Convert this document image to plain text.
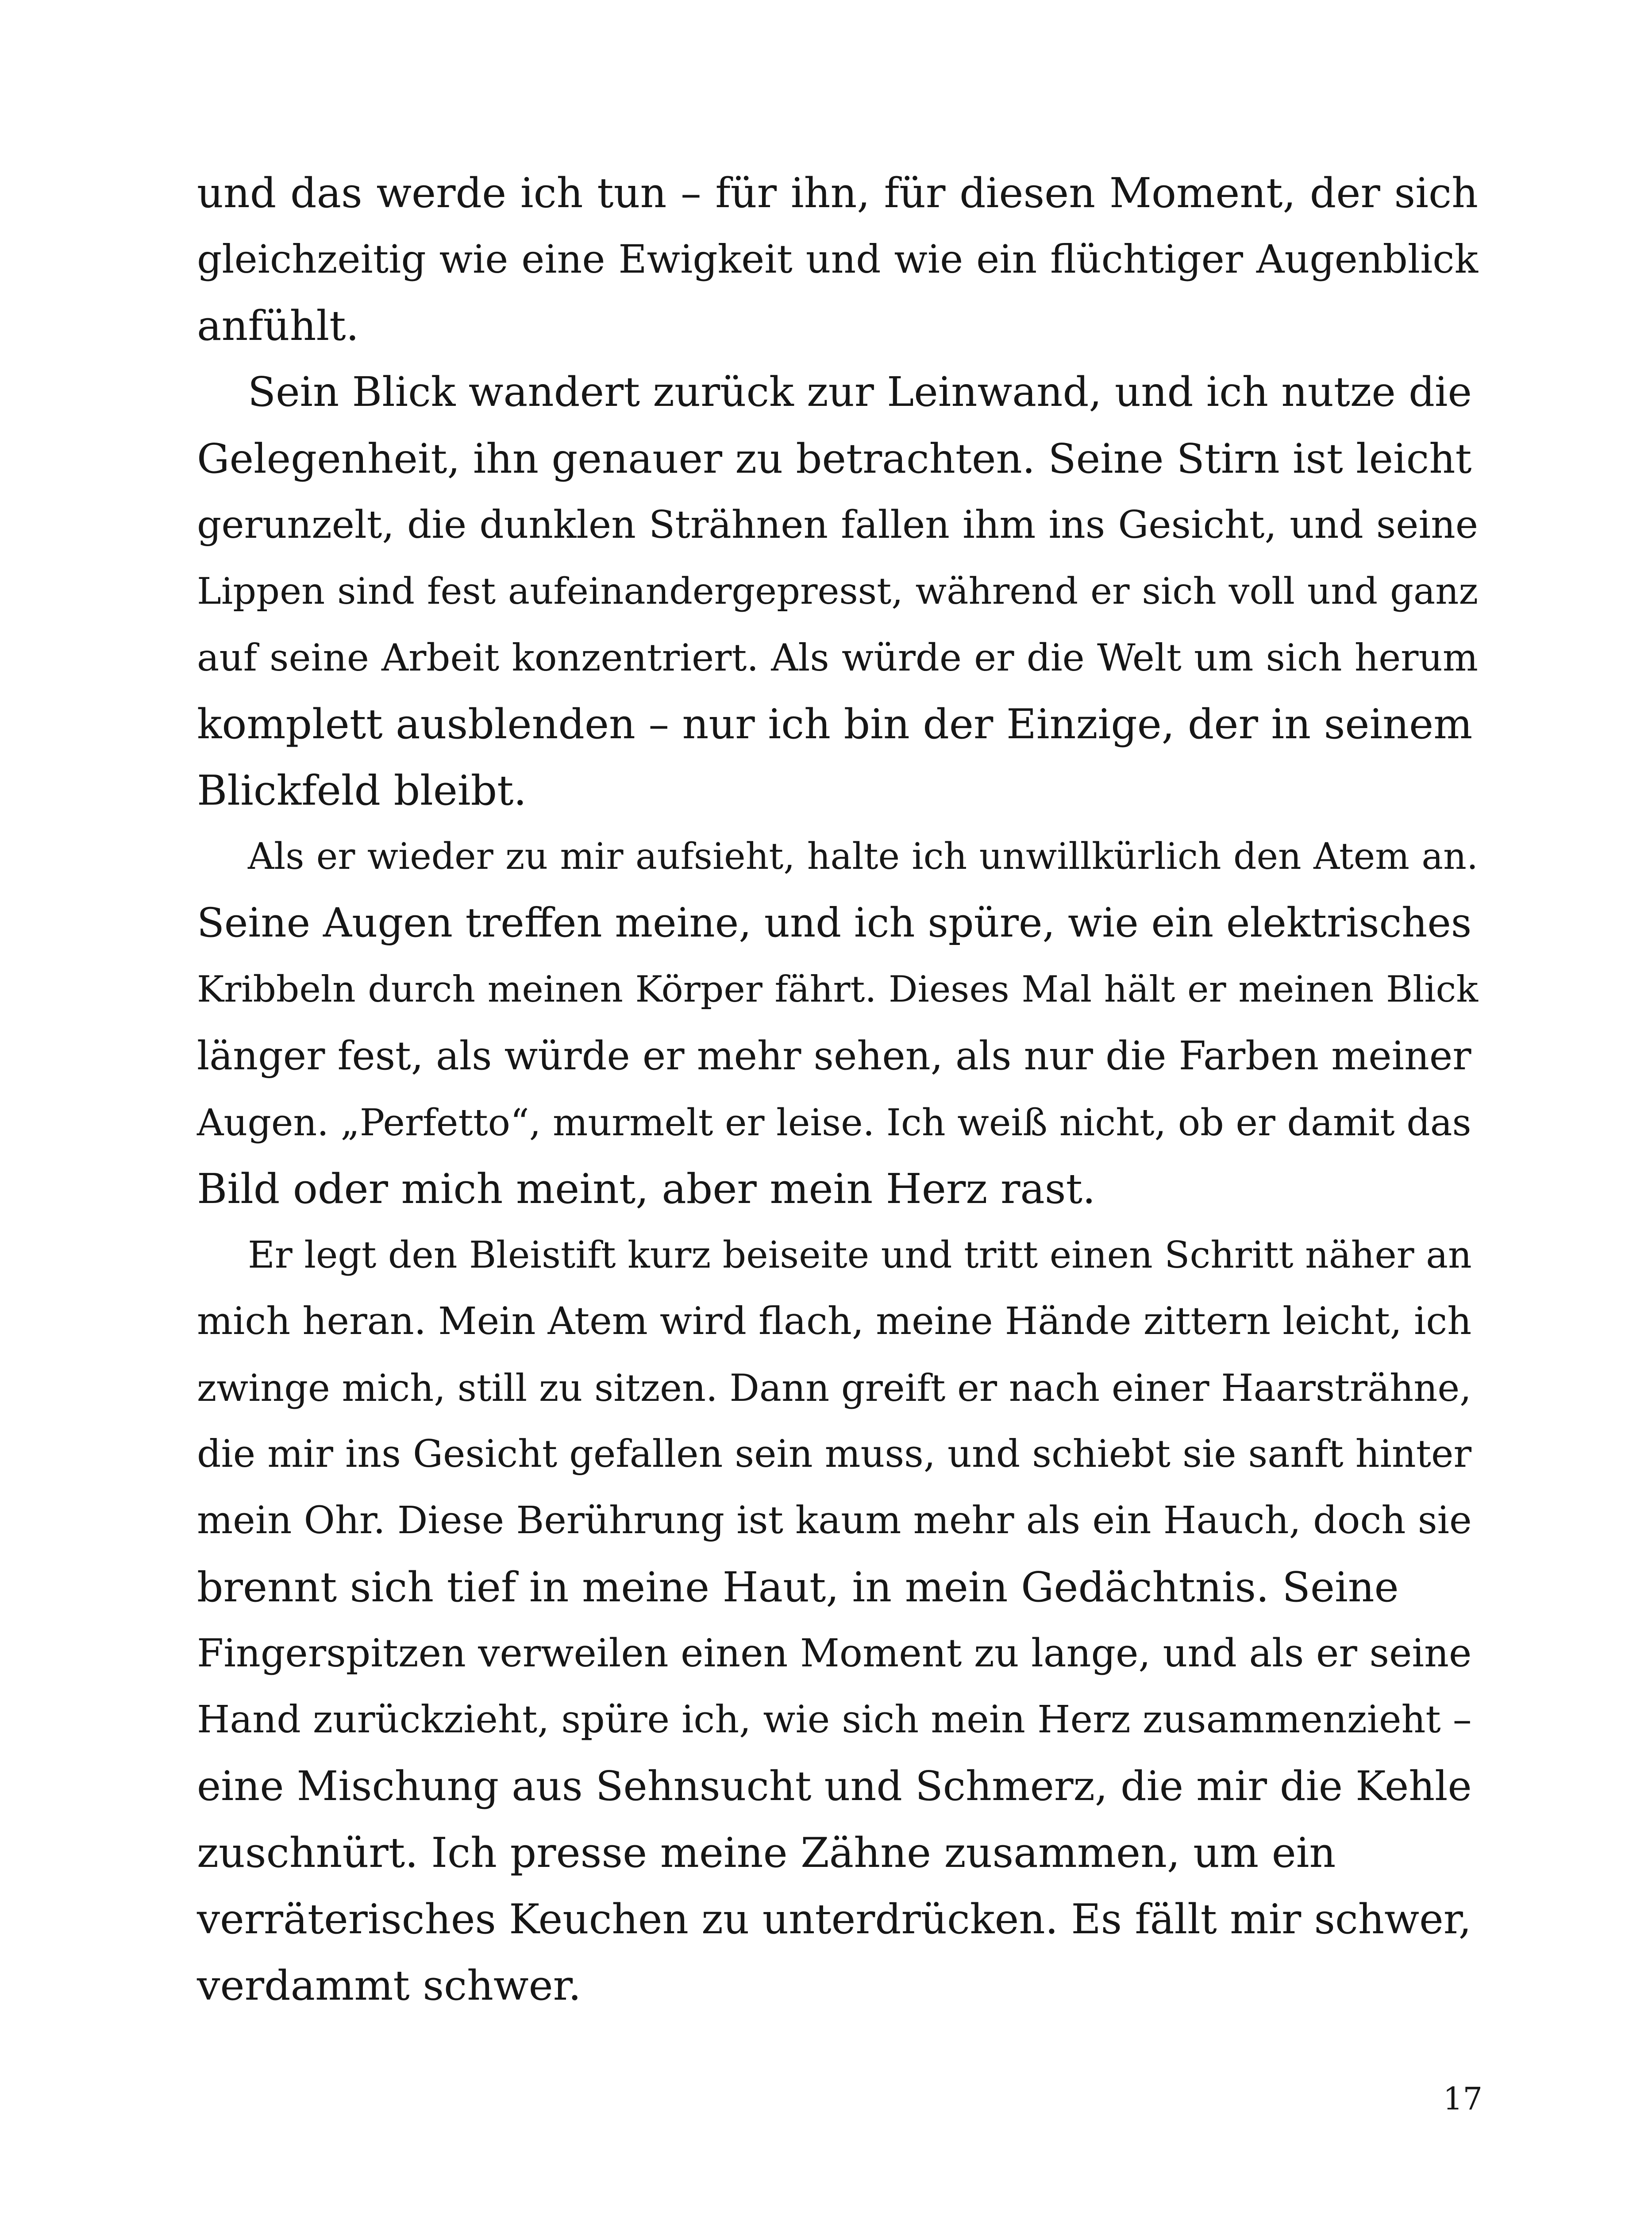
und das werde ich tun – für ihn, für diesen Moment, der sich

gleichzeitig wie eine Ewigkeit und wie ein flüchtiger Augenblick

anfühlt.

Sein Blick wandert zurück zur Leinwand, und ich nutze die

Gelegenheit, ihn genauer zu betrachten. Seine Stirn ist leicht

gerunzelt, die dunklen Strähnen fallen ihm ins Gesicht, und seine

Lippen sind fest aufeinandergepresst, während er sich voll und ganz

auf seine Arbeit konzentriert. Als würde er die Welt um sich herum

komplett ausblenden – nur ich bin der Einzige, der in seinem

Blickfeld bleibt.

Als er wieder zu mir aufsieht, halte ich unwillkürlich den Atem an.

Seine Augen treffen meine, und ich spüre, wie ein elektrisches

Kribbeln durch meinen Körper fährt. Dieses Mal hält er meinen Blick

länger fest, als würde er mehr sehen, als nur die Farben meiner

Augen. „Perfetto“, murmelt er leise. Ich weiß nicht, ob er damit das

Bild oder mich meint, aber mein Herz rast.

Er legt den Bleistift kurz beiseite und tritt einen Schritt näher an

mich heran. Mein Atem wird flach, meine Hände zittern leicht, ich

zwinge mich, still zu sitzen. Dann greift er nach einer Haarsträhne,

die mir ins Gesicht gefallen sein muss, und schiebt sie sanft hinter

mein Ohr. Diese Berührung ist kaum mehr als ein Hauch, doch sie

brennt sich tief in meine Haut, in mein Gedächtnis. Seine

Fingerspitzen verweilen einen Moment zu lange, und als er seine

Hand zurückzieht, spüre ich, wie sich mein Herz zusammenzieht –

eine Mischung aus Sehnsucht und Schmerz, die mir die Kehle

zuschnürt. Ich presse meine Zähne zusammen, um ein

verräterisches Keuchen zu unterdrücken. Es fällt mir schwer,

verdammt schwer.

17
